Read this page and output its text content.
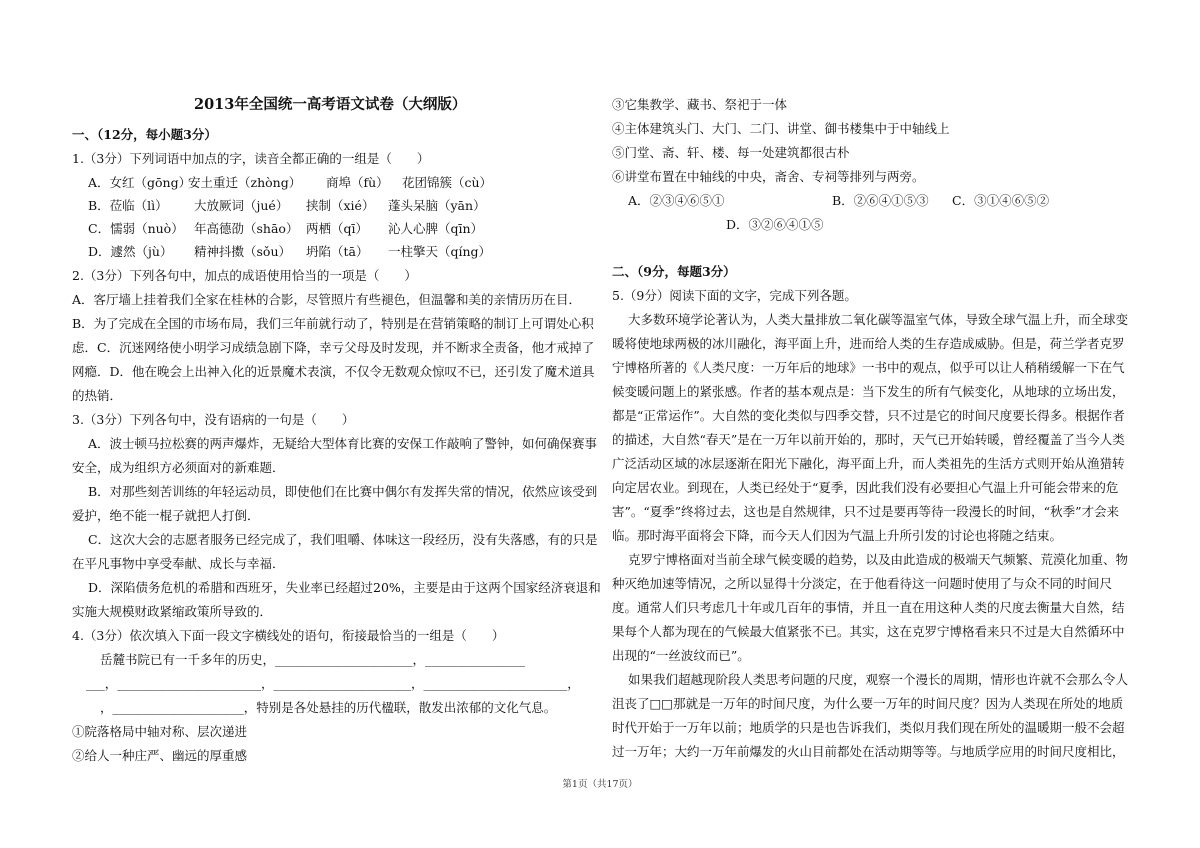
2013年全国统一高考语文试卷（大纲版）
一、（12分，每小题3分）
1.（3分）下列词语中加点的字，读音全都正确的一组是（　　）
A．女红（gōng）安土重迁（zhòng） 商埠（fù） 花团锦簇（cù）
B．莅临（lì） 大放厥词（jué） 挟制（xié） 蓬头呆脑（yān）
C．懦弱（nuò） 年高德劭（shāo） 两栖（qī） 沁人心脾（qīn）
D．遽然（jù） 精神抖擞（sǒu） 坍陷（tā） 一柱擎天（qíng）
2.（3分）下列各句中，加点的成语使用恰当的一项是（　　）
A．客厅墙上挂着我们全家在桂林的合影，尽管照片有些褪色，但温馨和美的亲情历历在目．
B．为了完成在全国的市场布局，我们三年前就行动了，特别是在营销策略的制订上可谓处心积
虑．C．沉迷网络使小明学习成绩急剧下降，幸亏父母及时发现，并不断求全责备，他才戒掉了
网瘾．D．他在晚会上出神入化的近景魔术表演，不仅令无数观众惊叹不已，还引发了魔术道具
的热销．
3.（3分）下列各句中，没有语病的一句是（　　）
A．波士顿马拉松赛的两声爆炸，无疑给大型体育比赛的安保工作敲响了警钟，如何确保赛事
安全，成为组织方必须面对的新难题．
B．对那些刻苦训练的年轻运动员，即使他们在比赛中偶尔有发挥失常的情况，依然应该受到
爱护，绝不能一棍子就把人打倒．
C．这次大会的志愿者服务已经完成了，我们咀嚼、体味这一段经历，没有失落感，有的只是
在平凡事物中享受奉献、成长与幸福．
D．深陷债务危机的希腊和西班牙，失业率已经超过20%，主要是由于这两个国家经济衰退和
实施大规模财政紧缩政策所导致的．
4.（3分）依次填入下面一段文字横线处的语句，衔接最恰当的一组是（　　）
岳麓书院已有一千多年的历史，______________________，________________
___，_______________________，______________________，_______________________，
，_____________________，特别是各处悬挂的历代楹联，散发出浓郁的文化气息。
①院落格局中轴对称、层次递进
②给人一种庄严、幽远的厚重感
③它集教学、藏书、祭祀于一体
④主体建筑头门、大门、二门、讲堂、御书楼集中于中轴线上
⑤门堂、斋、轩、楼、每一处建筑都很古朴
⑥讲堂布置在中轴线的中央，斋舍、专祠等排列与两旁。
A．②③④⑥⑤①	B．②⑥④①⑤③ C．③①④⑥⑤②
D．③②⑥④①⑤
二、（9分，每题3分）
5.（9分）阅读下面的文字，完成下列各题。
大多数环境学论著认为，人类大量排放二氧化碳等温室气体，导致全球气温上升，而全球变
暖将使地球两极的冰川融化，海平面上升，进而给人类的生存造成威胁。但是，荷兰学者克罗
宁博格所著的《人类尺度：一万年后的地球》一书中的观点，似乎可以让人稍稍缓解一下在气
候变暖问题上的紧张感。作者的基本观点是：当下发生的所有气候变化，从地球的立场出发，
都是“正常运作”。大自然的变化类似与四季交替，只不过是它的时间尺度要长得多。根据作者
的描述，大自然“春天”是在一万年以前开始的，那时，天气已开始转暖，曾经覆盖了当今人类
广泛活动区域的冰层逐渐在阳光下融化，海平面上升，而人类祖先的生活方式则开始从渔猎转
向定居农业。到现在，人类已经处于“夏季，因此我们没有必要担心气温上升可能会带来的危
害”。“夏季”终将过去，这也是自然规律，只不过是要再等待一段漫长的时间，“秋季”才会来
临。那时海平面将会下降，而今天人们因为气温上升所引发的讨论也将随之结束。
克罗宁博格面对当前全球气候变暖的趋势，以及由此造成的极端天气频繁、荒漠化加重、物
种灭绝加速等情况，之所以显得十分淡定，在于他看待这一问题时使用了与众不同的时间尺
度。通常人们只考虑几十年或几百年的事情，并且一直在用这种人类的尺度去衡量大自然，结
果每个人都为现在的气候最大值紧张不已。其实，这在克罗宁博格看来只不过是大自然循环中
出现的“一丝波纹而已”。
如果我们超越现阶段人类思考问题的尺度，观察一个漫长的周期，情形也许就不会那么令人
沮丧了□□那就是一万年的时间尺度，为什么要一万年的时间尺度？因为人类现在所处的地质
时代开始于一万年以前；地质学的只是也告诉我们，类似月我们现在所处的温暖期一般不会超
过一万年；大约一万年前爆发的火山目前都处在活动期等等。与地质学应用的时间尺度相比，
第1页（共17页）
